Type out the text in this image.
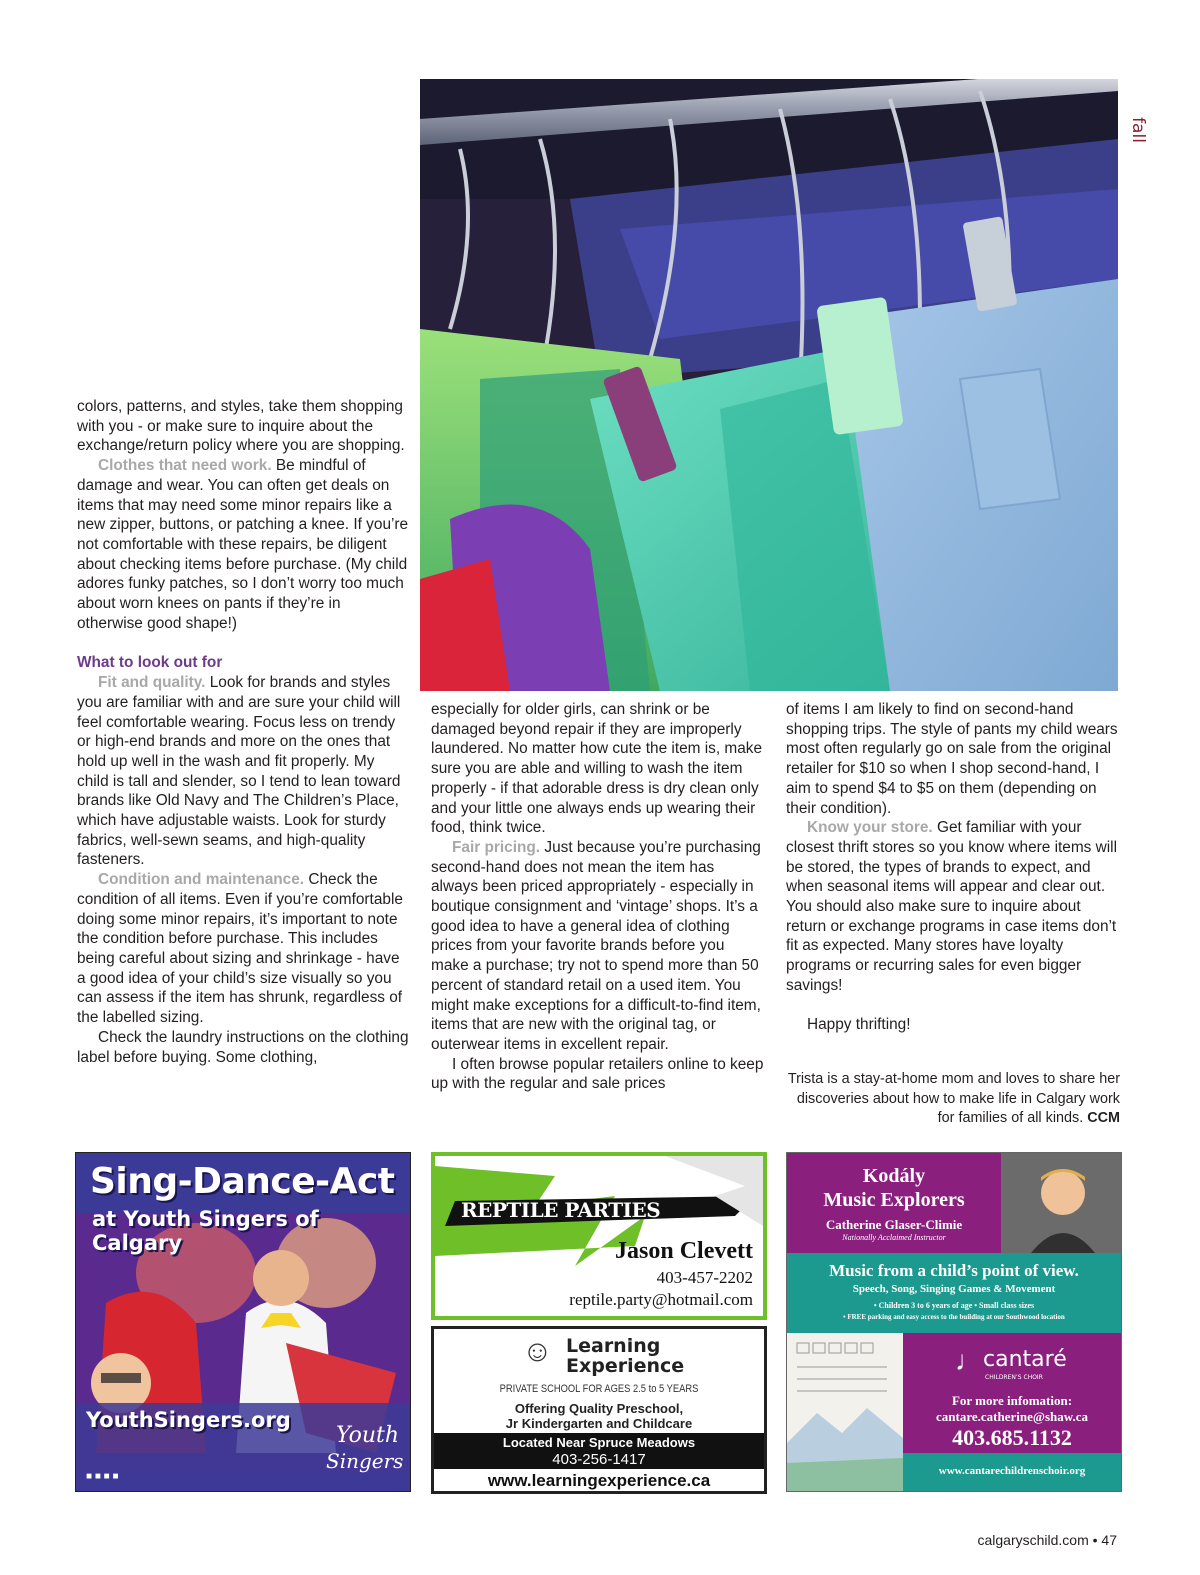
fall

colors, patterns, and styles, take them shopping with you - or make sure to inquire about the exchange/return policy where you are shopping.

Clothes that need work. Be mindful of damage and wear. You can often get deals on items that may need some minor repairs like a new zipper, buttons, or patching a knee. If you’re not comfortable with these repairs, be diligent about checking items before purchase. (My child adores funky patches, so I don’t worry too much about worn knees on pants if they’re in otherwise good shape!)

What to look out for

Fit and quality. Look for brands and styles you are familiar with and are sure your child will feel comfortable wearing. Focus less on trendy or high-end brands and more on the ones that hold up well in the wash and fit properly. My child is tall and slender, so I tend to lean toward brands like Old Navy and The Children’s Place, which have adjustable waists. Look for sturdy fabrics, well-sewn seams, and high-quality fasteners.

Condition and maintenance. Check the condition of all items. Even if you’re comfortable doing some minor repairs, it’s important to note the condition before purchase. This includes being careful about sizing and shrinkage - have a good idea of your child’s size visually so you can assess if the item has shrunk, regardless of the labelled sizing.

Check the laundry instructions on the clothing label before buying. Some clothing,

especially for older girls, can shrink or be damaged beyond repair if they are improperly laundered. No matter how cute the item is, make sure you are able and willing to wash the item properly - if that adorable dress is dry clean only and your little one always ends up wearing their food, think twice.

Fair pricing. Just because you’re purchasing second-hand does not mean the item has always been priced appropriately - especially in boutique consignment and ‘vintage’ shops. It’s a good idea to have a general idea of clothing prices from your favorite brands before you make a purchase; try not to spend more than 50 percent of standard retail on a used item. You might make exceptions for a difficult-to-find item, items that are new with the original tag, or outerwear items in excellent repair.

I often browse popular retailers online to keep up with the regular and sale prices

of items I am likely to find on second-hand shopping trips. The style of pants my child wears most often regularly go on sale from the original retailer for $10 so when I shop second-hand, I aim to spend $4 to $5 on them (depending on their condition).

Know your store. Get familiar with your closest thrift stores so you know where items will be stored, the types of brands to expect, and when seasonal items will appear and clear out. You should also make sure to inquire about return or exchange programs in case items don’t fit as expected. Many stores have loyalty programs or recurring sales for even bigger savings!

Happy thrifting!

Trista is a stay-at-home mom and loves to share her discoveries about how to make life in Calgary work for families of all kinds. CCM
Sing-Dance-Act
at Youth Singers of Calgary
YouthSingers.org
Youth
Singers
■ ■ ■ ■
REPTILE PARTIES
CALGARYREPTILEPARTIES.COM
Jason Clevett
403-457-2202
reptile.party@hotmail.com
☺ Learning
Experience
PRIVATE SCHOOL FOR AGES 2.5 to 5 YEARS
Offering Quality Preschool,
Jr Kindergarten and Childcare
Located Near Spruce Meadows
403-256-1417
www.learningexperience.ca
Kodály
Music Explorers
Catherine Glaser-Climie
Nationally Acclaimed Instructor
Music from a child’s point of view.
Speech, Song, Singing Games & Movement
• Children 3 to 6 years of age • Small class sizes
• FREE parking and easy access to the building at our Southwood location
♩ cantaré
CHILDREN’S CHOIR
For more infomation:
cantare.catherine@shaw.ca
403.685.1132
www.cantarechildrenschoir.org
calgaryschild.com • 47
